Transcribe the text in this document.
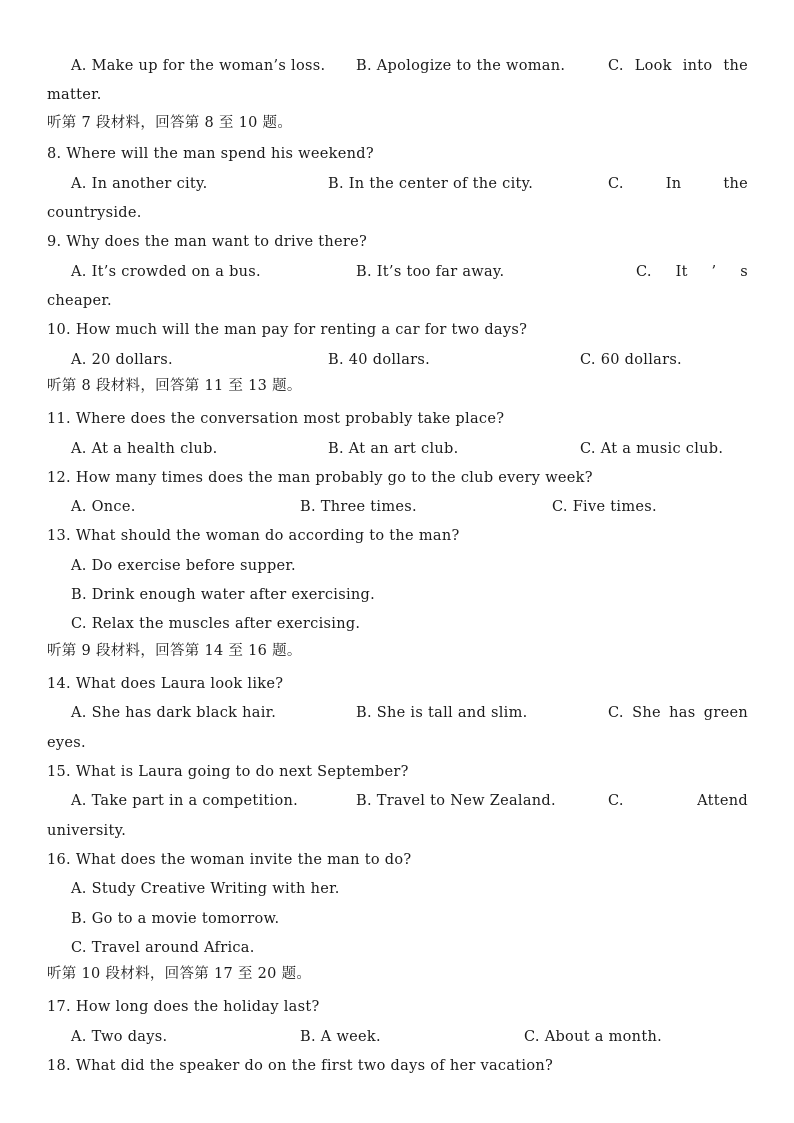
A. Make up for the woman’s loss. B. Apologize to the woman.	C. Look into the
matter.
听第 7 段材料，回答第 8 至 10 题。
8. Where will the man spend his weekend?
A. In another city.	B. In the center of the city.	C.	In	the
countryside.
9. Why does the man want to drive there?
A. It’s crowded on a bus.	B. It’s too far away.	C. It ’ s
cheaper.
10. How much will the man pay for renting a car for two days?
A. 20 dollars.	B. 40 dollars.	C. 60 dollars.
听第 8 段材料，回答第 11 至 13 题。
11. Where does the conversation most probably take place?
A. At a health club.	B. At an art club.	C. At a music club.
12. How many times does the man probably go to the club every week?
A. Once.	B. Three times.	C. Five times.
13. What should the woman do according to the man?
A. Do exercise before supper.
B. Drink enough water after exercising.
C. Relax the muscles after exercising.
听第 9 段材料，回答第 14 至 16 题。
14. What does Laura look like?
A. She has dark black hair.	B. She is tall and slim.	C. She has green
eyes.
15. What is Laura going to do next September?
A. Take part in a competition.	B. Travel to New Zealand.	C.	Attend
university.
16. What does the woman invite the man to do?
A. Study Creative Writing with her.
B. Go to a movie tomorrow.
C. Travel around Africa.
听第 10 段材料，回答第 17 至 20 题。
17. How long does the holiday last?
A. Two days.	B. A week.	C. About a month.
18. What did the speaker do on the first two days of her vacation?
